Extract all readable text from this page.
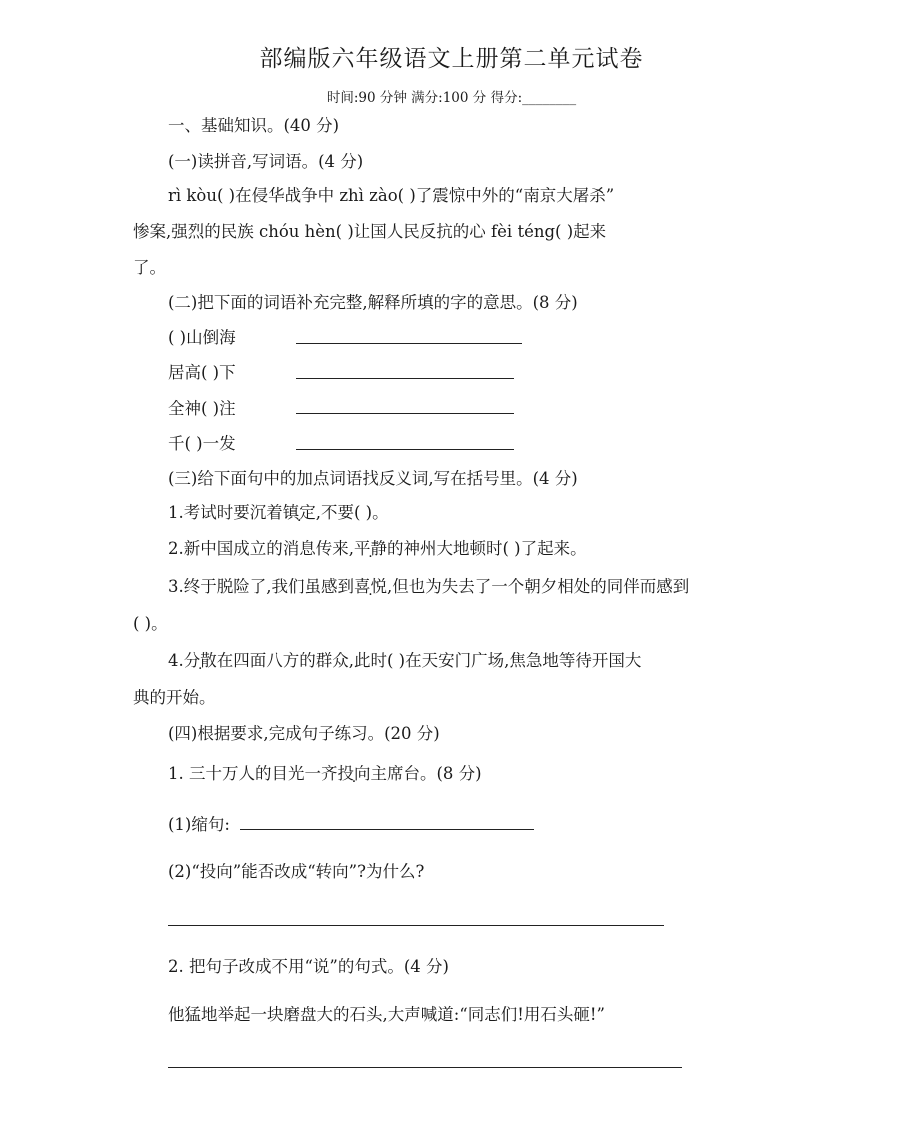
部编版六年级语文上册第二单元试卷
时间:90 分钟 满分:100 分 得分:________
一、基础知识。(40 分)
(一)读拼音,写词语。(4 分)
rì kòu( )在侵华战争中 zhì zào( )了震惊中外的“南京大屠杀”
惨案,强烈的民族 chóu hèn( )让国人民反抗的心 fèi téng( )起来
了。
(二)把下面的词语补充完整,解释所填的字的意思。(8 分)
( )山倒海
居高( )下
全神( )注
千( )一发
(三)给下面句中的加点词语找反义词,写在括号里。(4 分)
1.考试时要沉着镇定,不要( )。
2.新中国成立的消息传来,平静的神州大地顿时( )了起来。
3.终于脱险了,我们虽感到喜悦,但也为失去了一个朝夕相处的同伴而感到
( )。
4.分散在四面八方的群众,此时( )在天安门广场,焦急地等待开国大
典的开始。
(四)根据要求,完成句子练习。(20 分)
1. 三十万人的目光一齐投向主席台。(8 分)
(1)缩句:
(2)“投向”能否改成“转向”?为什么?
2. 把句子改成不用“说”的句式。(4 分)
他猛地举起一块磨盘大的石头,大声喊道:“同志们!用石头砸!”
